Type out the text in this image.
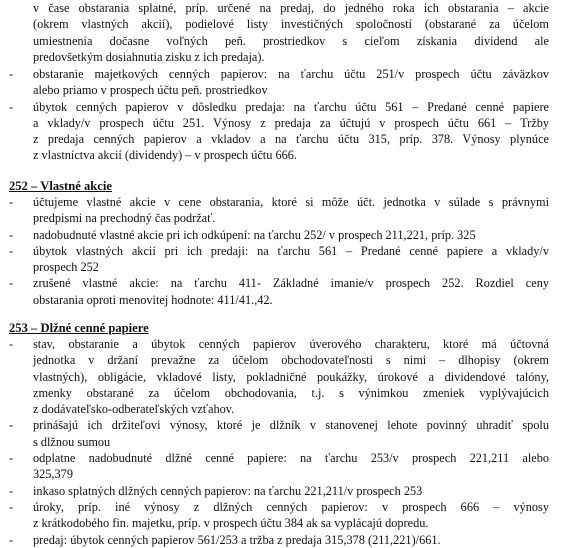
v čase obstarania splatné, príp. určené na predaj, do jedného roka ich obstarania – akcie
(okrem vlastných akcií), podielové listy investičných spoločností (obstarané za účelom
umiestnenia dočasne voľných peň. prostriedkov s cieľom získania dividend ale
predovšetkým dosiahnutia zisku z ich predaja).
-	obstaranie majetkových cenných papierov: na ťarchu účtu 251/v prospech účtu záväzkov
alebo priamo v prospech účtu peň. prostriedkov
-	úbytok cenných papierov v dôsledku predaja: na ťarchu účtu 561 – Predané cenné papiere
a vklady/v prospech účtu 251. Výnosy z predaja za účtujú v prospech účtu 661 – Tržby
z predaja cenných papierov a vkladov a na ťarchu účtu 315, príp. 378. Výnosy plynúce
z vlastníctva akcií (dividendy) – v prospech účtu 666.

252 – Vlastné akcie

-	účtujeme vlastné akcie v cene obstarania, ktoré si môže účt. jednotka v súlade s právnymi
predpismi na prechodný čas podržať.
-	nadobudnuté vlastné akcie pri ich odkúpení: na ťarchu 252/ v prospech 211,221, príp. 325
-	úbytok vlastných akcií pri ich predaji: na ťarchu 561 – Predané cenné papiere a vklady/v
prospech 252
-	zrušené vlastné akcie: na ťarchu 411- Základné imanie/v prospech 252. Rozdiel ceny
obstarania oproti menovitej hodnote: 411/41.,42.

253 – Dlžné cenné papiere

-	stav, obstaranie a úbytok cenných papierov úverového charakteru, ktoré má účtovná
jednotka v držaní prevažne za účelom obchodovateľnosti s nimi – dlhopisy (okrem
vlastných), obligácie, vkladové listy, pokladničné poukážky, úrokové a dividendové talóny,
zmenky obstarané za účelom obchodovania, t.j. s výnimkou zmeniek vyplývajúcich
z dodávateľsko-odberateľských vzťahov.
-	prinášajú ich držiteľovi výnosy, ktoré je dlžník v stanovenej lehote povinný uhradiť spolu
s dlžnou sumou
-	odplatne nadobudnuté dlžné cenné papiere: na ťarchu 253/v prospech 221,211 alebo
325,379
-	inkaso splatných dlžných cenných papierov: na ťarchu 221,211/v prospech 253
-	úroky, príp. iné výnosy z dlžných cenných papierov: v prospech 666 – výnosy
z krátkodobého fin. majetku, príp. v prospech účtu 384 ak sa vyplácajú dopredu.
-	predaj: úbytok cenných papierov 561/253 a tržba z predaja 315,378 (211,221)/661.
